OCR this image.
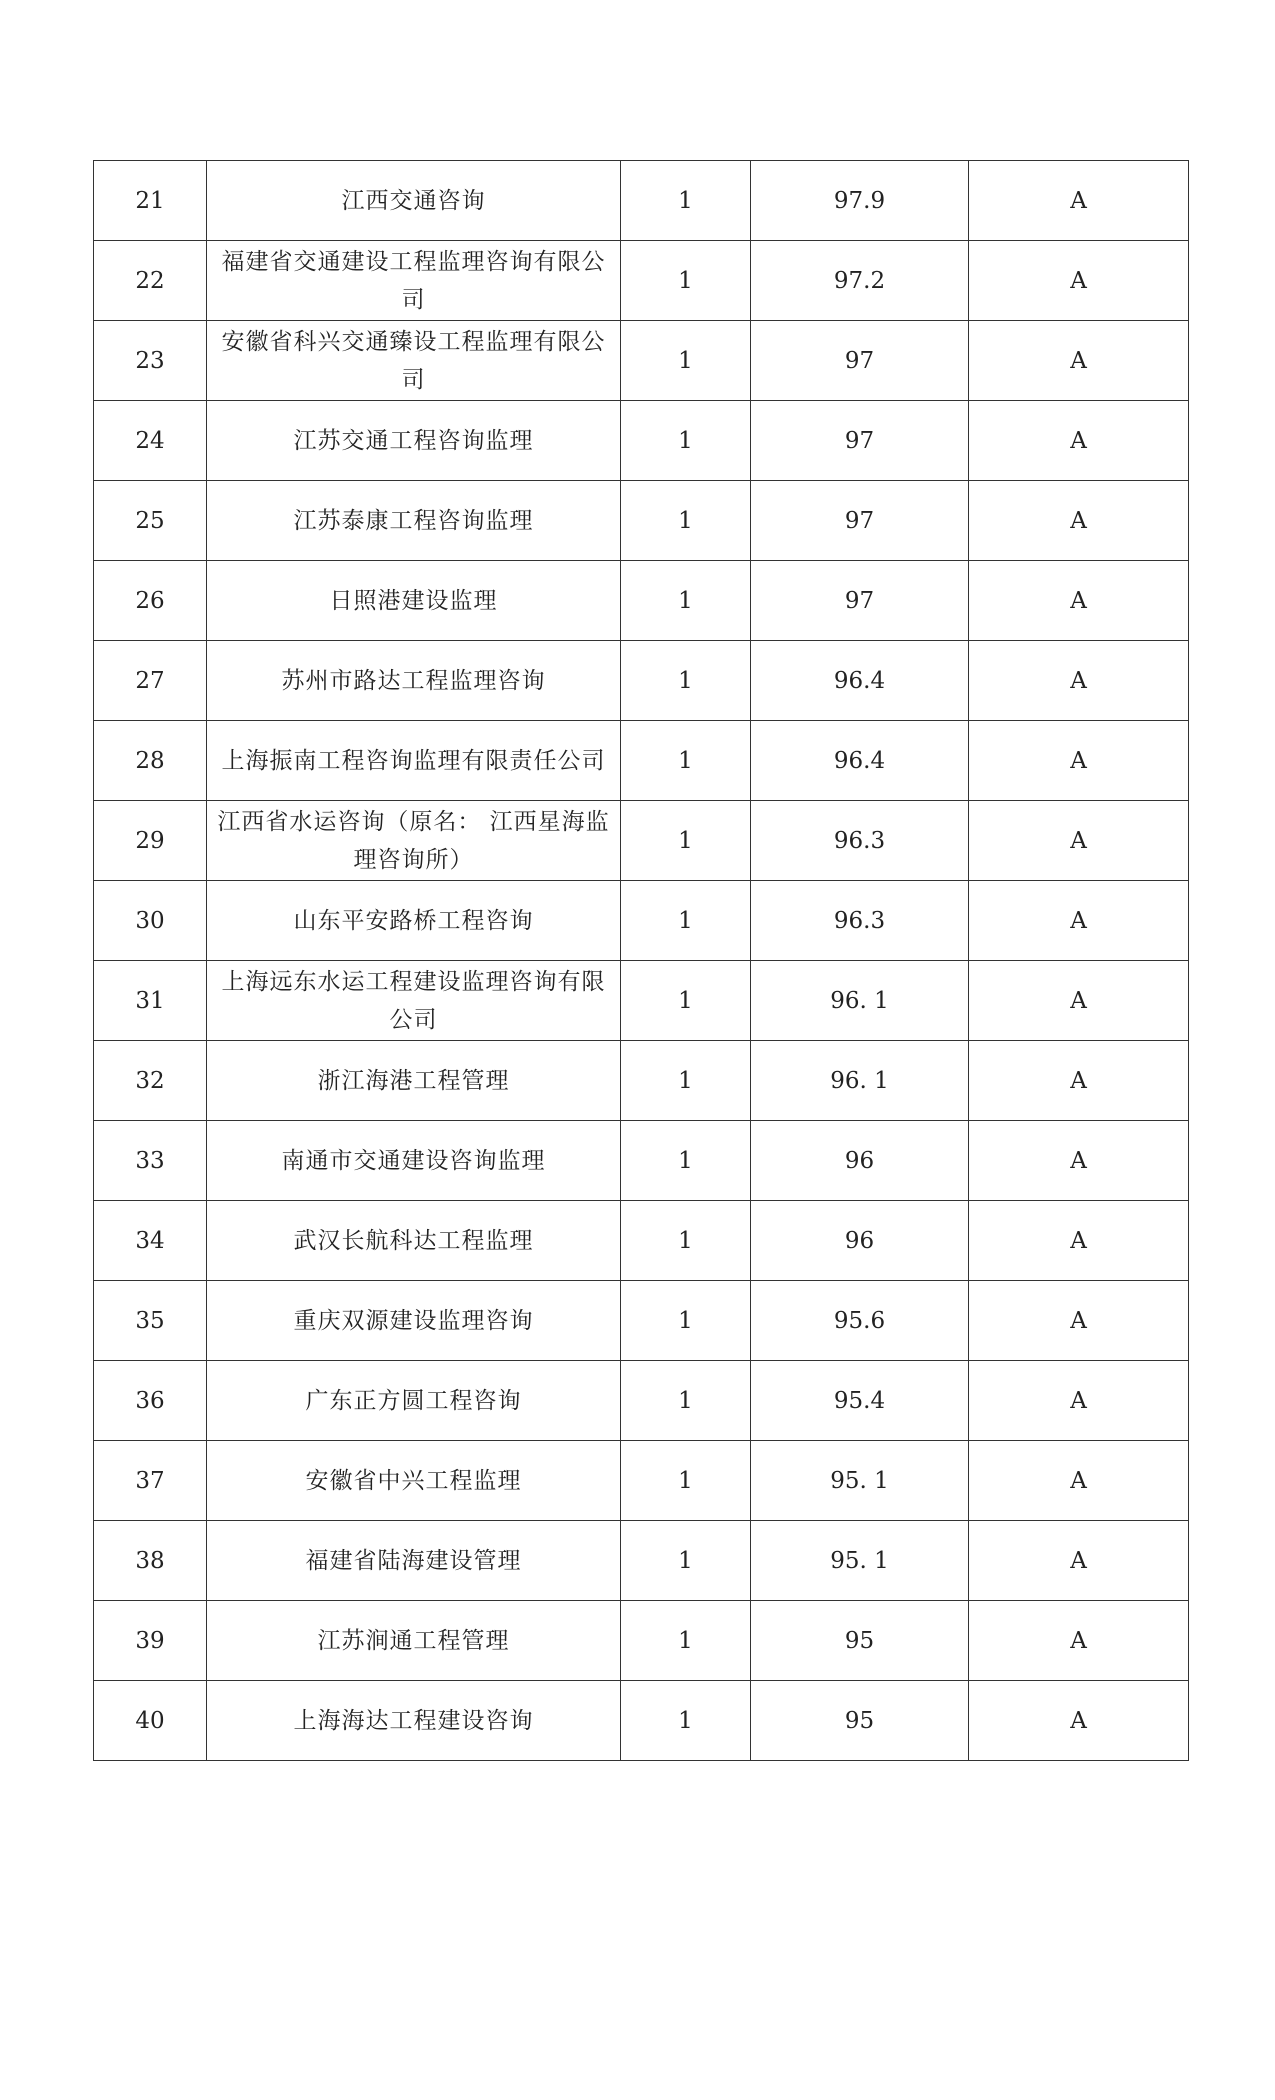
21	江西交通咨询	1	97.9	A
22	福建省交通建设工程监理咨询有限公司	1	97.2	A
23	安徽省科兴交通臻设工程监理有限公司	1	97	A
24	江苏交通工程咨询监理	1	97	A
25	江苏泰康工程咨询监理	1	97	A
26	日照港建设监理	1	97	A
27	苏州市路达工程监理咨询	1	96.4	A
28	上海振南工程咨询监理有限责任公司	1	96.4	A
29	江西省水运咨询（原名： 江西星海监理咨询所）	1	96.3	A
30	山东平安路桥工程咨询	1	96.3	A
31	上海远东水运工程建设监理咨询有限公司	1	96. 1	A
32	浙江海港工程管理	1	96. 1	A
33	南通市交通建设咨询监理	1	96	A
34	武汉长航科达工程监理	1	96	A
35	重庆双源建设监理咨询	1	95.6	A
36	广东正方圆工程咨询	1	95.4	A
37	安徽省中兴工程监理	1	95. 1	A
38	福建省陆海建设管理	1	95. 1	A
39	江苏涧通工程管理	1	95	A
40	上海海达工程建设咨询	1	95	A
